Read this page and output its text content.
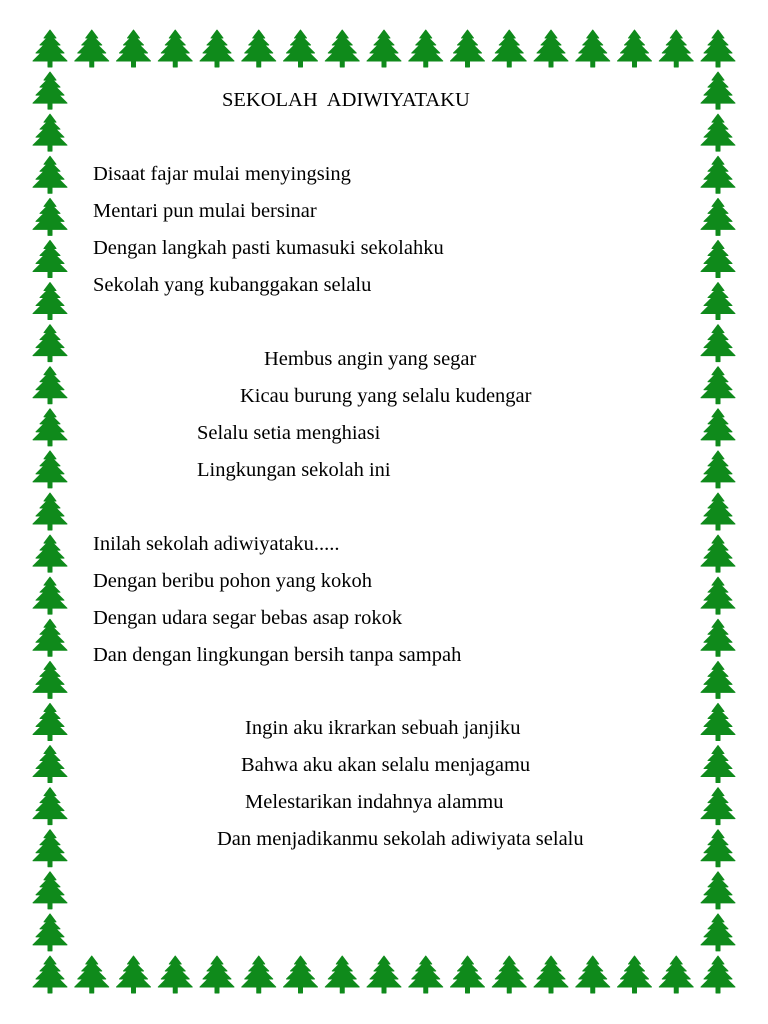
SEKOLAH  ADIWIYATAKU

Disaat fajar mulai menyingsing

Mentari pun mulai bersinar

Dengan langkah pasti kumasuki sekolahku

Sekolah yang kubanggakan selalu

Hembus angin yang segar

Kicau burung yang selalu kudengar

Selalu setia menghiasi

Lingkungan sekolah ini

Inilah sekolah adiwiyataku.....

Dengan beribu pohon yang kokoh

Dengan udara segar bebas asap rokok

Dan dengan lingkungan bersih tanpa sampah

Ingin aku ikrarkan sebuah janjiku

Bahwa aku akan selalu menjagamu

Melestarikan indahnya alammu

Dan menjadikanmu sekolah adiwiyata selalu
